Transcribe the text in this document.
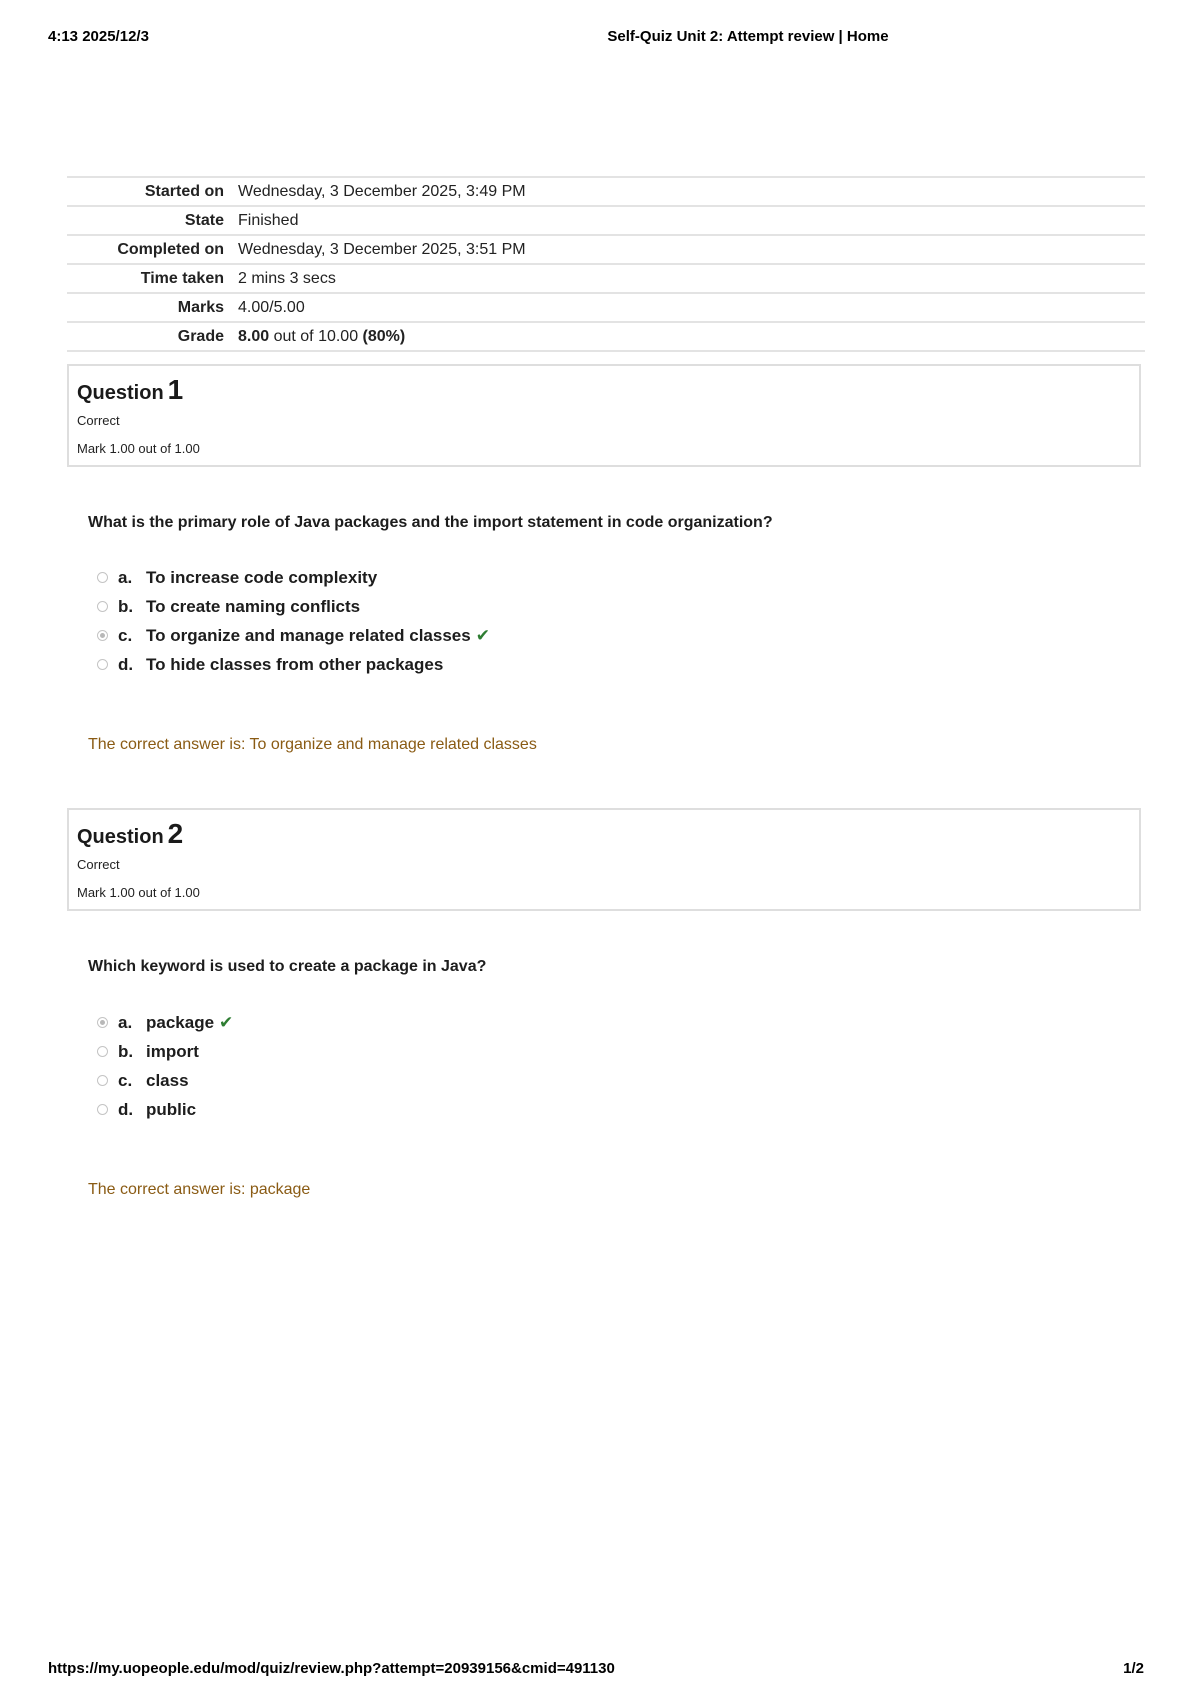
4:13 2025/12/3	Self-Quiz Unit 2: Attempt review | Home
Started on	Wednesday, 3 December 2025, 3:49 PM
State	Finished
Completed on	Wednesday, 3 December 2025, 3:51 PM
Time taken	2 mins 3 secs
Marks	4.00/5.00
Grade	8.00 out of 10.00 (80%)
Question 1
Correct
Mark 1.00 out of 1.00
What is the primary role of Java packages and the import statement in code organization?
a. To increase code complexity
b. To create naming conflicts
c. To organize and manage related classes ✔
d. To hide classes from other packages
The correct answer is: To organize and manage related classes
Question 2
Correct
Mark 1.00 out of 1.00
Which keyword is used to create a package in Java?
a. package ✔
b. import
c. class
d. public
The correct answer is: package
https://my.uopeople.edu/mod/quiz/review.php?attempt=20939156&cmid=491130	1/2
